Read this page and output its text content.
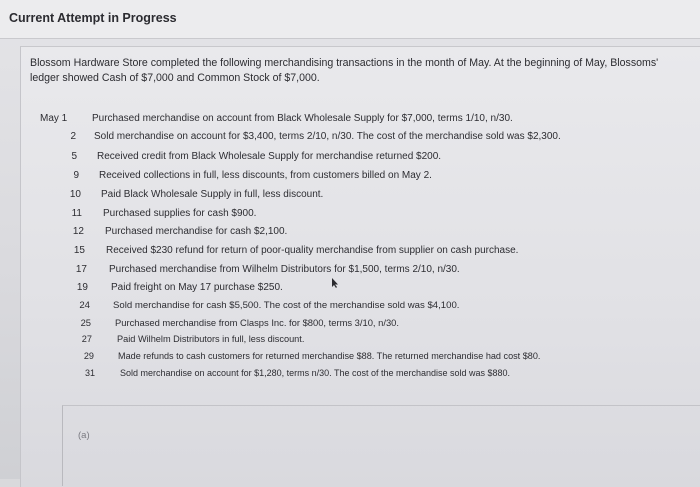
Current Attempt in Progress
Blossom Hardware Store completed the following merchandising transactions in the month of May. At the beginning of May, Blossoms' ledger showed Cash of $7,000 and Common Stock of $7,000.
May 1	Purchased merchandise on account from Black Wholesale Supply for $7,000, terms 1/10, n/30.
2 Sold merchandise on account for $3,400, terms 2/10, n/30. The cost of the merchandise sold was $2,300.
5 Received credit from Black Wholesale Supply for merchandise returned $200.
9 Received collections in full, less discounts, from customers billed on May 2.
10 Paid Black Wholesale Supply in full, less discount.
11 Purchased supplies for cash $900.
12 Purchased merchandise for cash $2,100.
15 Received $230 refund for return of poor-quality merchandise from supplier on cash purchase.
17 Purchased merchandise from Wilhelm Distributors for $1,500, terms 2/10, n/30.
19 Paid freight on May 17 purchase $250.
24 Sold merchandise for cash $5,500. The cost of the merchandise sold was $4,100.
25	Purchased merchandise from Clasps Inc. for $800, terms 3/10, n/30.
27	Paid Wilhelm Distributors in full, less discount.
29	Made refunds to cash customers for returned merchandise $88. The returned merchandise had cost $80.
31	Sold merchandise on account for $1,280, terms n/30. The cost of the merchandise sold was $880.
(a)
